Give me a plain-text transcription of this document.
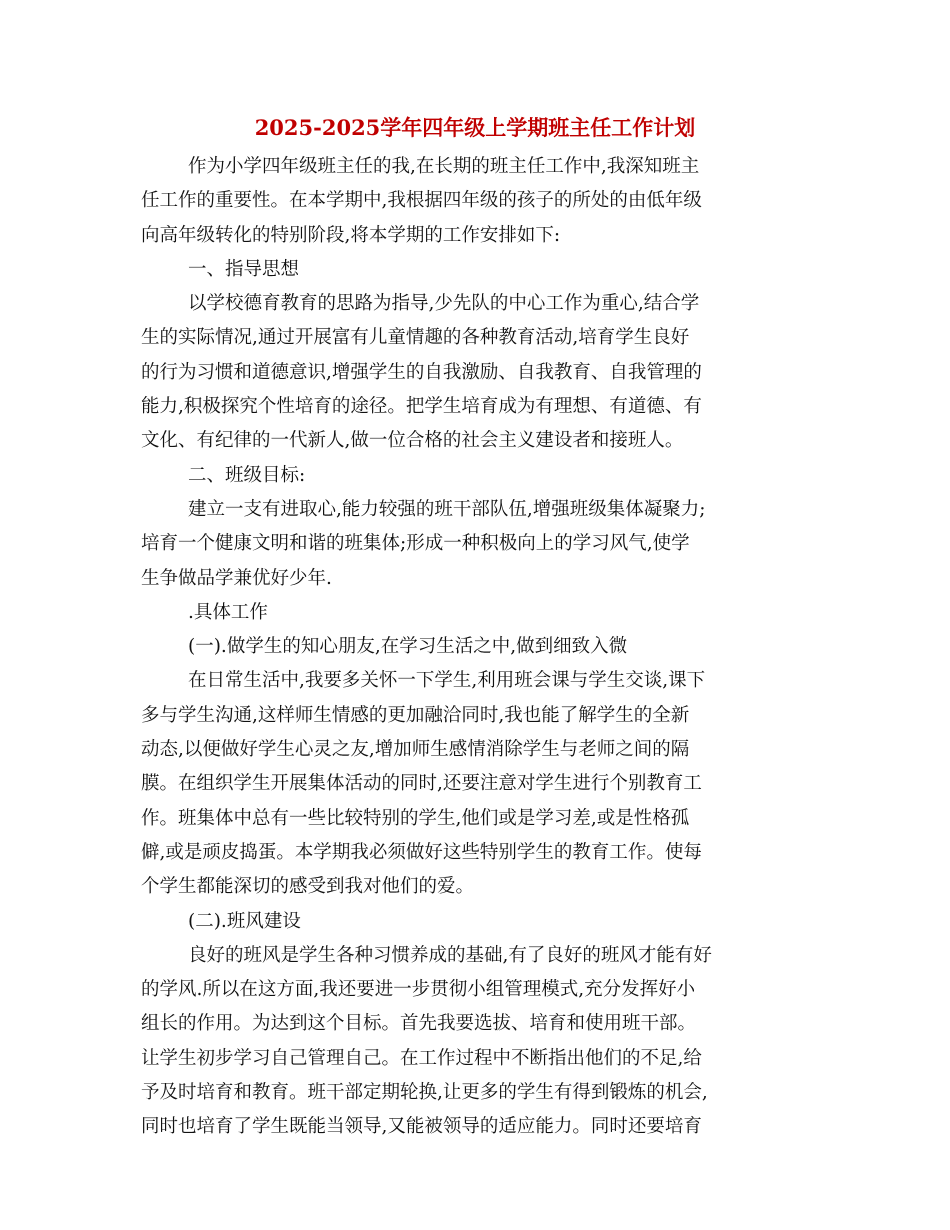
2025-2025学年四年级上学期班主任工作计划
作为小学四年级班主任的我,在长期的班主任工作中,我深知班主
任工作的重要性。在本学期中,我根据四年级的孩子的所处的由低年级
向高年级转化的特别阶段,将本学期的工作安排如下:
一、指导思想
以学校德育教育的思路为指导,少先队的中心工作为重心,结合学
生的实际情况,通过开展富有儿童情趣的各种教育活动,培育学生良好
的行为习惯和道德意识,增强学生的自我激励、自我教育、自我管理的
能力,积极探究个性培育的途径。把学生培育成为有理想、有道德、有
文化、有纪律的一代新人,做一位合格的社会主义建设者和接班人。
二、班级目标:
建立一支有进取心,能力较强的班干部队伍,增强班级集体凝聚力;
培育一个健康文明和谐的班集体;形成一种积极向上的学习风气,使学
生争做品学兼优好少年.
.具体工作
(一).做学生的知心朋友,在学习生活之中,做到细致入微
在日常生活中,我要多关怀一下学生,利用班会课与学生交谈,课下
多与学生沟通,这样师生情感的更加融洽同时,我也能了解学生的全新
动态,以便做好学生心灵之友,增加师生感情消除学生与老师之间的隔
膜。在组织学生开展集体活动的同时,还要注意对学生进行个别教育工
作。班集体中总有一些比较特别的学生,他们或是学习差,或是性格孤
僻,或是顽皮捣蛋。本学期我必须做好这些特别学生的教育工作。使每
个学生都能深切的感受到我对他们的爱。
(二).班风建设
良好的班风是学生各种习惯养成的基础,有了良好的班风才能有好
的学风.所以在这方面,我还要进一步贯彻小组管理模式,充分发挥好小
组长的作用。为达到这个目标。首先我要选拔、培育和使用班干部。
让学生初步学习自己管理自己。在工作过程中不断指出他们的不足,给
予及时培育和教育。班干部定期轮换,让更多的学生有得到锻炼的机会,
同时也培育了学生既能当领导,又能被领导的适应能力。同时还要培育
